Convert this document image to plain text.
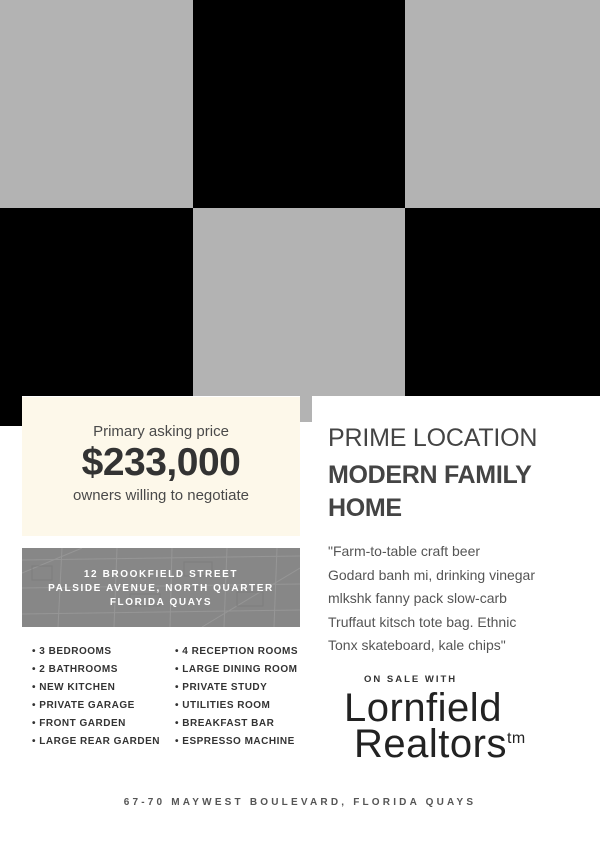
Primary asking price
$233,000
owners willing to negotiate
12 BROOKFIELD STREET
PALSIDE AVENUE, NORTH QUARTER
FLORIDA QUAYS
• 3 BEDROOMS
• 2 BATHROOMS
• NEW KITCHEN
• PRIVATE GARAGE
• FRONT GARDEN
• LARGE REAR GARDEN
• 4 RECEPTION ROOMS
• LARGE DINING ROOM
• PRIVATE STUDY
• UTILITIES ROOM
• BREAKFAST BAR
• ESPRESSO MACHINE
PRIME LOCATION
MODERN FAMILY HOME
"Farm-to-table craft beer
Godard banh mi, drinking vinegar
mlkshk fanny pack slow-carb
Truffaut kitsch tote bag. Ethnic
Tonx skateboard, kale chips"
ON SALE WITH
Lornfield
Realtors$^{tm}$
67-70 MAYWEST BOULEVARD, FLORIDA QUAYS
